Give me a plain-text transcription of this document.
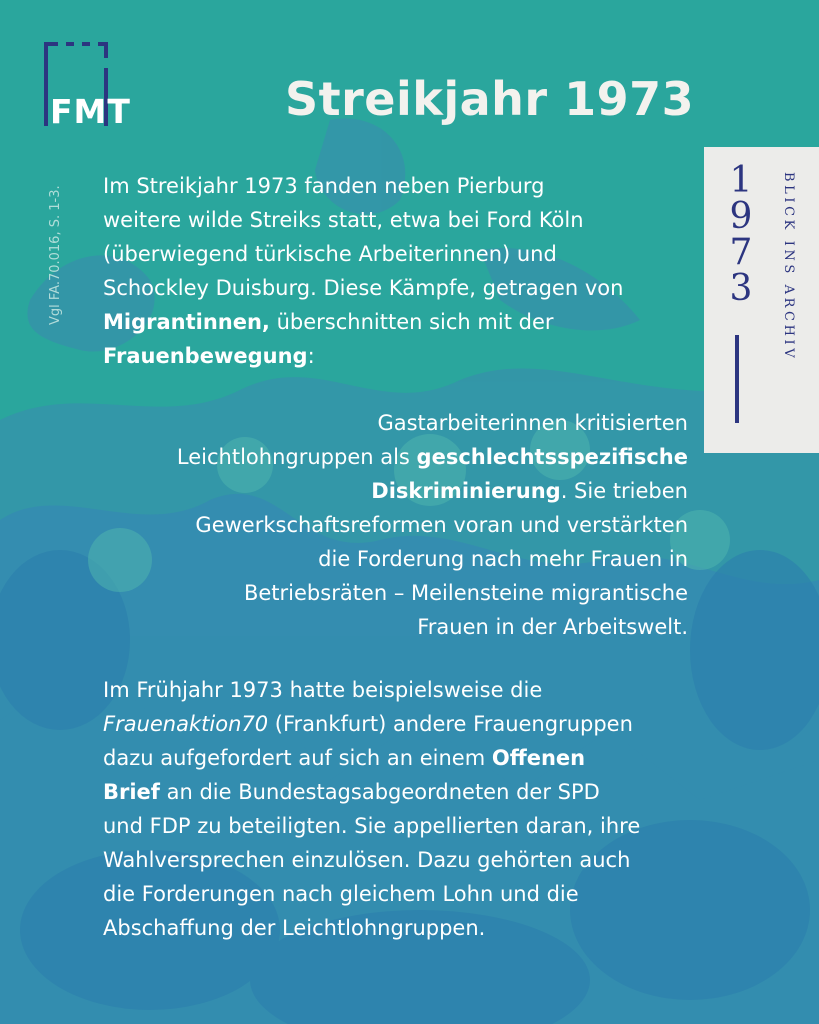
FMT	Streikjahr 1973
Vgl FA.70.016, S. 1-3.
1
9
7
3 BLICK INS ARCHIV
Im Streikjahr 1973 fanden neben Pierburg
weitere wilde Streiks statt, etwa bei Ford Köln
(überwiegend türkische Arbeiterinnen) und
Schockley Duisburg. Diese Kämpfe, getragen von
Migrantinnen, überschnitten sich mit der
Frauenbewegung:
Gastarbeiterinnen kritisierten
Leichtlohngruppen als geschlechtsspezifische
Diskriminierung. Sie trieben
Gewerkschaftsreformen voran und verstärkten
die Forderung nach mehr Frauen in
Betriebsräten – Meilensteine migrantische
Frauen in der Arbeitswelt.
Im Frühjahr 1973 hatte beispielsweise die
Frauenaktion70 (Frankfurt) andere Frauengruppen
dazu aufgefordert auf sich an einem Offenen
Brief an die Bundestagsabgeordneten der SPD
und FDP zu beteiligten. Sie appellierten daran, ihre
Wahlversprechen einzulösen. Dazu gehörten auch
die Forderungen nach gleichem Lohn und die
Abschaffung der Leichtlohngruppen.
